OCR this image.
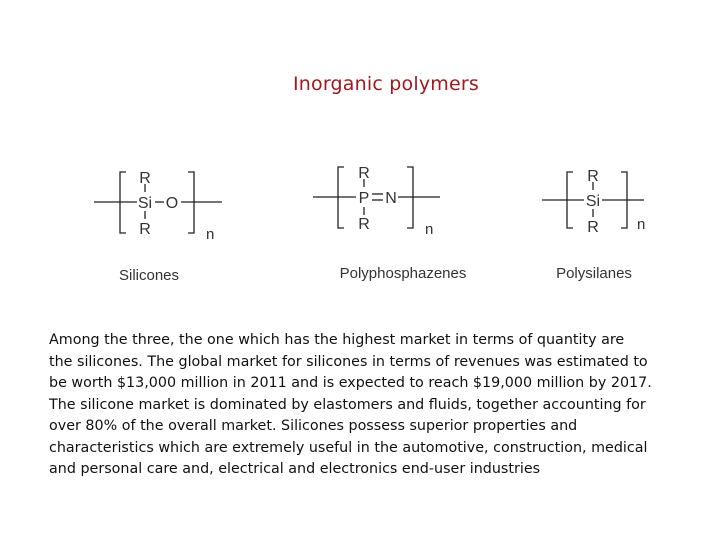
Inorganic polymers
R
Si O
R	n
Silicones
R
P N
R	n
Polyphosphazenes
R
Si
R	n
Polysilanes
Among the three, the one which has the highest market in terms of quantity are
the silicones. The global market for silicones in terms of revenues was estimated to
be worth $13,000 million in 2011 and is expected to reach $19,000 million by 2017.
The silicone market is dominated by elastomers and fluids, together accounting for
over 80% of the overall market. Silicones possess superior properties and
characteristics which are extremely useful in the automotive, construction, medical
and personal care and, electrical and electronics end-user industries
